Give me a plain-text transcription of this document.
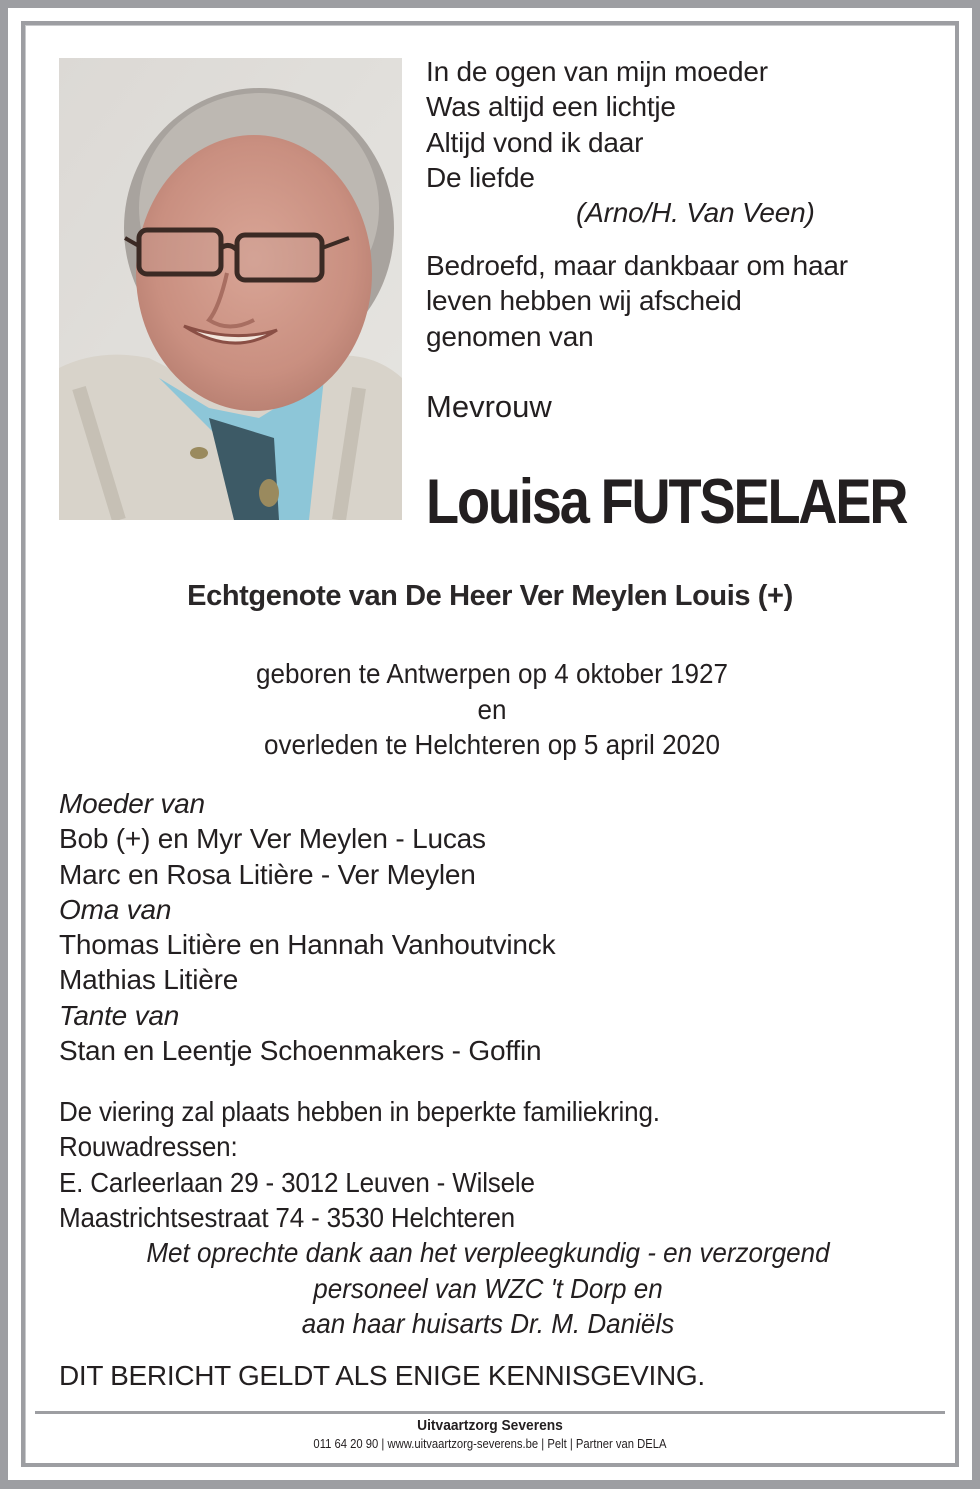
In de ogen van mijn moeder
Was altijd een lichtje
Altijd vond ik daar
De liefde
(Arno/H. Van Veen)
Bedroefd, maar dankbaar om haar
leven hebben wij afscheid
genomen van
Mevrouw
Louisa FUTSELAER
Echtgenote van De Heer Ver Meylen Louis (+)
geboren te Antwerpen op 4 oktober 1927
en
overleden te Helchteren op 5 april 2020
Moeder van
Bob (+) en Myr Ver Meylen - Lucas
Marc en Rosa Litière - Ver Meylen
Oma van
Thomas Litière en Hannah Vanhoutvinck
Mathias Litière
Tante van
Stan en Leentje Schoenmakers - Goffin
De viering zal plaats hebben in beperkte familiekring.
Rouwadressen:
E. Carleerlaan 29 - 3012 Leuven - Wilsele
Maastrichtsestraat 74 - 3530 Helchteren
Met oprechte dank aan het verpleegkundig - en verzorgend
personeel van WZC 't Dorp en
aan haar huisarts Dr. M. Daniëls
DIT BERICHT GELDT ALS ENIGE KENNISGEVING.
Uitvaartzorg Severens
011 64 20 90 | www.uitvaartzorg-severens.be | Pelt | Partner van DELA
